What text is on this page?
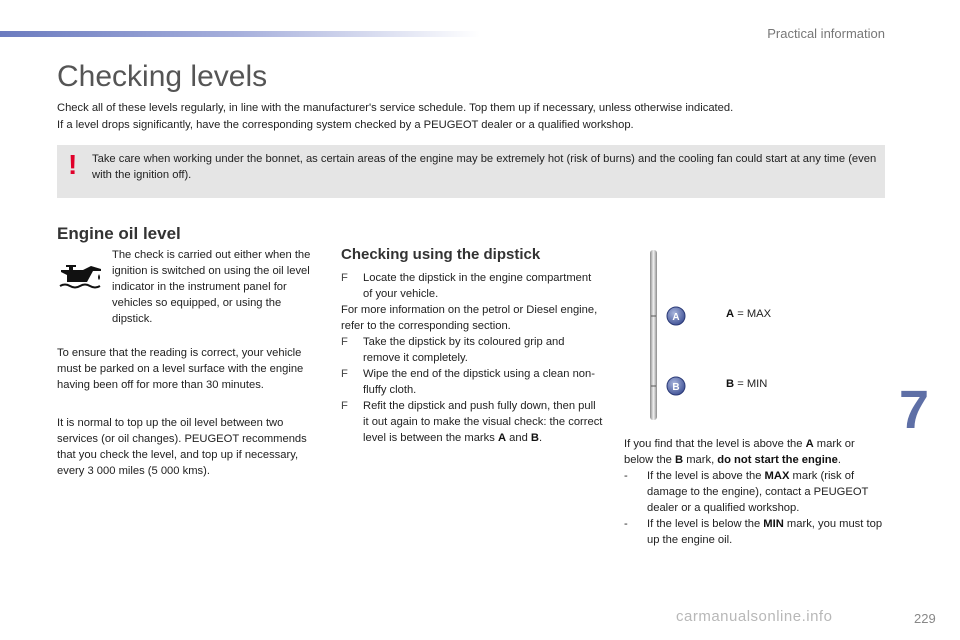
Practical information
Checking levels

Check all of these levels regularly, in line with the manufacturer's service schedule. Top them up if necessary, unless otherwise indicated.

If a level drops significantly, have the corresponding system checked by a PEUGEOT dealer or a qualified workshop.

! Take care when working under the bonnet, as certain areas of the engine may be extremely hot (risk of burns) and the cooling fan could start at any time (even with the ignition off).
Engine oil level

The check is carried out either when the ignition is switched on using the oil level indicator in the instrument panel for vehicles so equipped, or using the dipstick.

To ensure that the reading is correct, your vehicle must be parked on a level surface with the engine having been off for more than 30 minutes.

It is normal to top up the oil level between two services (or oil changes). PEUGEOT recommends that you check the level, and top up if necessary, every 3 000 miles (5 000 kms).

Checking using the dipstick
F Locate the dipstick in the engine compartment of your vehicle.
For more information on the petrol or Diesel engine, refer to the corresponding section.
F Take the dipstick by its coloured grip and remove it completely.
F Wipe the end of the dipstick using a clean non-fluffy cloth.
F Refit the dipstick and push fully down, then pull it out again to make the visual check: the correct level is between the marks A and B.
A
B
A = MAX
B = MIN
If you find that the level is above the A mark or below the B mark, do not start the engine.
- If the level is above the MAX mark (risk of damage to the engine), contact a PEUGEOT dealer or a qualified workshop.
- If the level is below the MIN mark, you must top up the engine oil.
7
carmanualsonline.info	229
